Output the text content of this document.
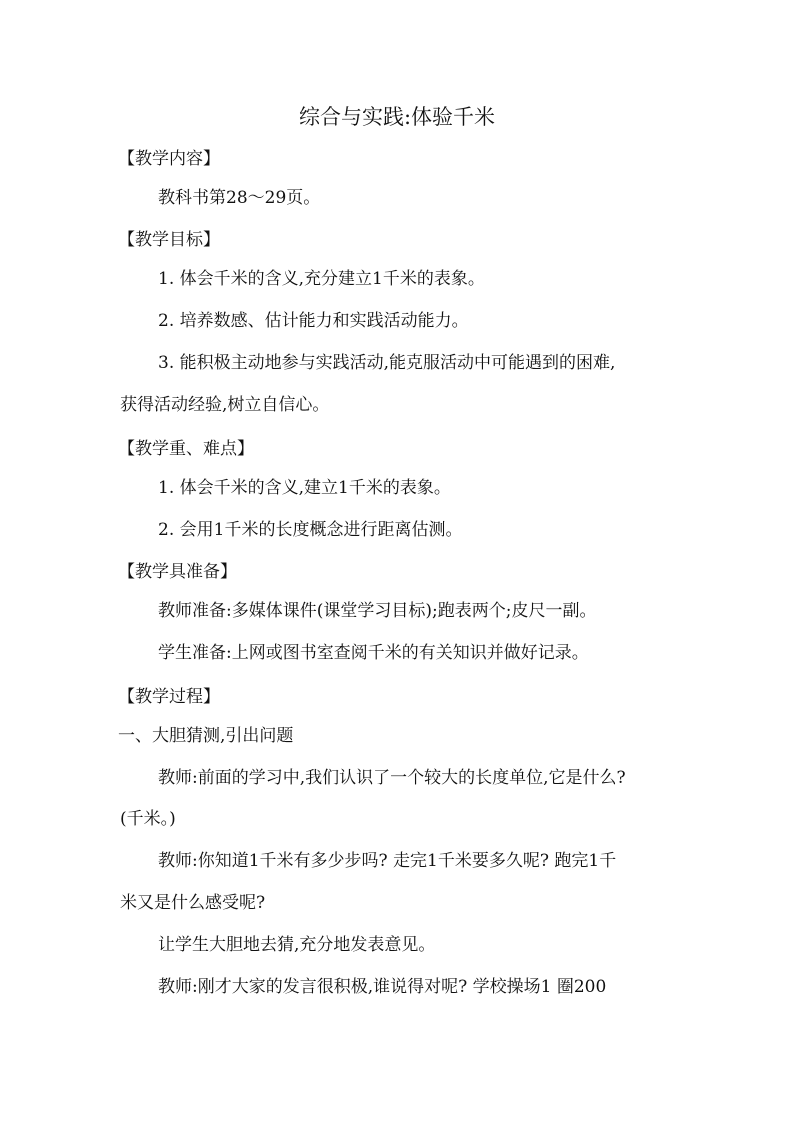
综合与实践:体验千米
【教学内容】
教科书第28～29页。
【教学目标】
1. 体会千米的含义,充分建立1千米的表象。
2. 培养数感、估计能力和实践活动能力。
3. 能积极主动地参与实践活动,能克服活动中可能遇到的困难,
获得活动经验,树立自信心。
【教学重、难点】
1. 体会千米的含义,建立1千米的表象。
2. 会用1千米的长度概念进行距离估测。
【教学具准备】
教师准备:多媒体课件(课堂学习目标);跑表两个;皮尺一副。
学生准备:上网或图书室查阅千米的有关知识并做好记录。
【教学过程】
一、大胆猜测,引出问题
教师:前面的学习中,我们认识了一个较大的长度单位,它是什么?
(千米。)
教师:你知道1千米有多少步吗? 走完1千米要多久呢? 跑完1千
米又是什么感受呢?
让学生大胆地去猜,充分地发表意见。
教师:刚才大家的发言很积极,谁说得对呢? 学校操场1 圈200
